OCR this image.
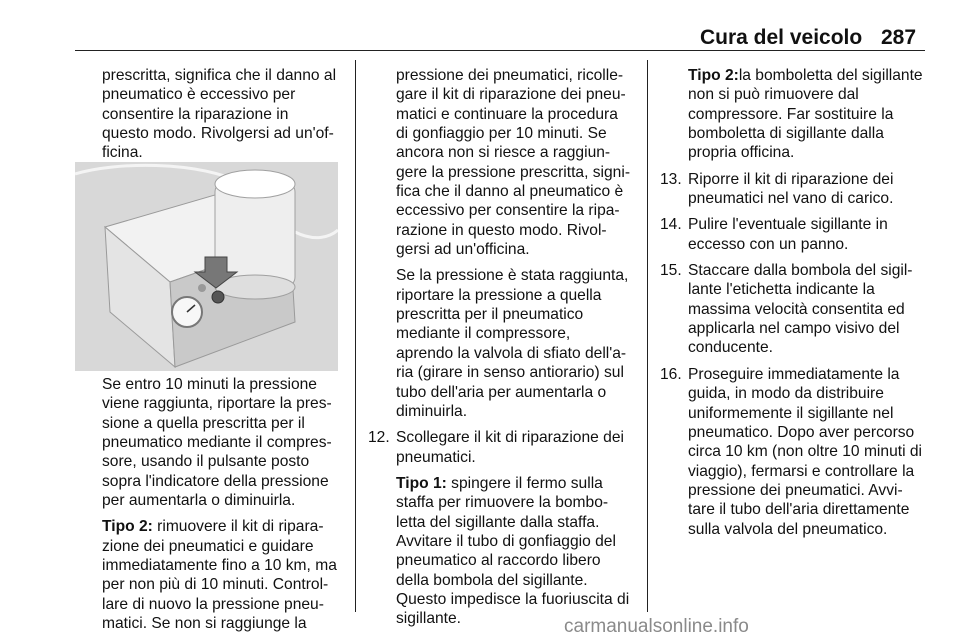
Cura del veicolo 287

prescritta, significa che il danno al
pneumatico è eccessivo per
consentire la riparazione in
questo modo. Rivolgersi ad un'of-
ficina.

Se entro 10 minuti la pressione
viene raggiunta, riportare la pres-
sione a quella prescritta per il
pneumatico mediante il compres-
sore, usando il pulsante posto
sopra l'indicatore della pressione
per aumentarla o diminuirla.

Tipo 2: rimuovere il kit di ripara-
zione dei pneumatici e guidare
immediatamente fino a 10 km, ma
per non più di 10 minuti. Control-
lare di nuovo la pressione pneu-
matici. Se non si raggiunge la

pressione dei pneumatici, ricolle-
gare il kit di riparazione dei pneu-
matici e continuare la procedura
di gonfiaggio per 10 minuti. Se
ancora non si riesce a raggiun-
gere la pressione prescritta, signi-
fica che il danno al pneumatico è
eccessivo per consentire la ripa-
razione in questo modo. Rivol-
gersi ad un'officina.

Se la pressione è stata raggiunta,
riportare la pressione a quella
prescritta per il pneumatico
mediante il compressore,
aprendo la valvola di sfiato dell'a-
ria (girare in senso antiorario) sul
tubo dell'aria per aumentarla o
diminuirla.

12. Scollegare il kit di riparazione dei
pneumatici.

Tipo 1: spingere il fermo sulla
staffa per rimuovere la bombo-
letta del sigillante dalla staffa.
Avvitare il tubo di gonfiaggio del
pneumatico al raccordo libero
della bombola del sigillante.
Questo impedisce la fuoriuscita di
sigillante.

Tipo 2:la bomboletta del sigillante
non si può rimuovere dal
compressore. Far sostituire la
bomboletta di sigillante dalla
propria officina.

13. Riporre il kit di riparazione dei
pneumatici nel vano di carico.

14. Pulire l'eventuale sigillante in
eccesso con un panno.

15. Staccare dalla bombola del sigil-
lante l'etichetta indicante la
massima velocità consentita ed
applicarla nel campo visivo del
conducente.

16. Proseguire immediatamente la
guida, in modo da distribuire
uniformemente il sigillante nel
pneumatico. Dopo aver percorso
circa 10 km (non oltre 10 minuti di
viaggio), fermarsi e controllare la
pressione dei pneumatici. Avvi-
tare il tubo dell'aria direttamente
sulla valvola del pneumatico.

carmanualsonline.info
